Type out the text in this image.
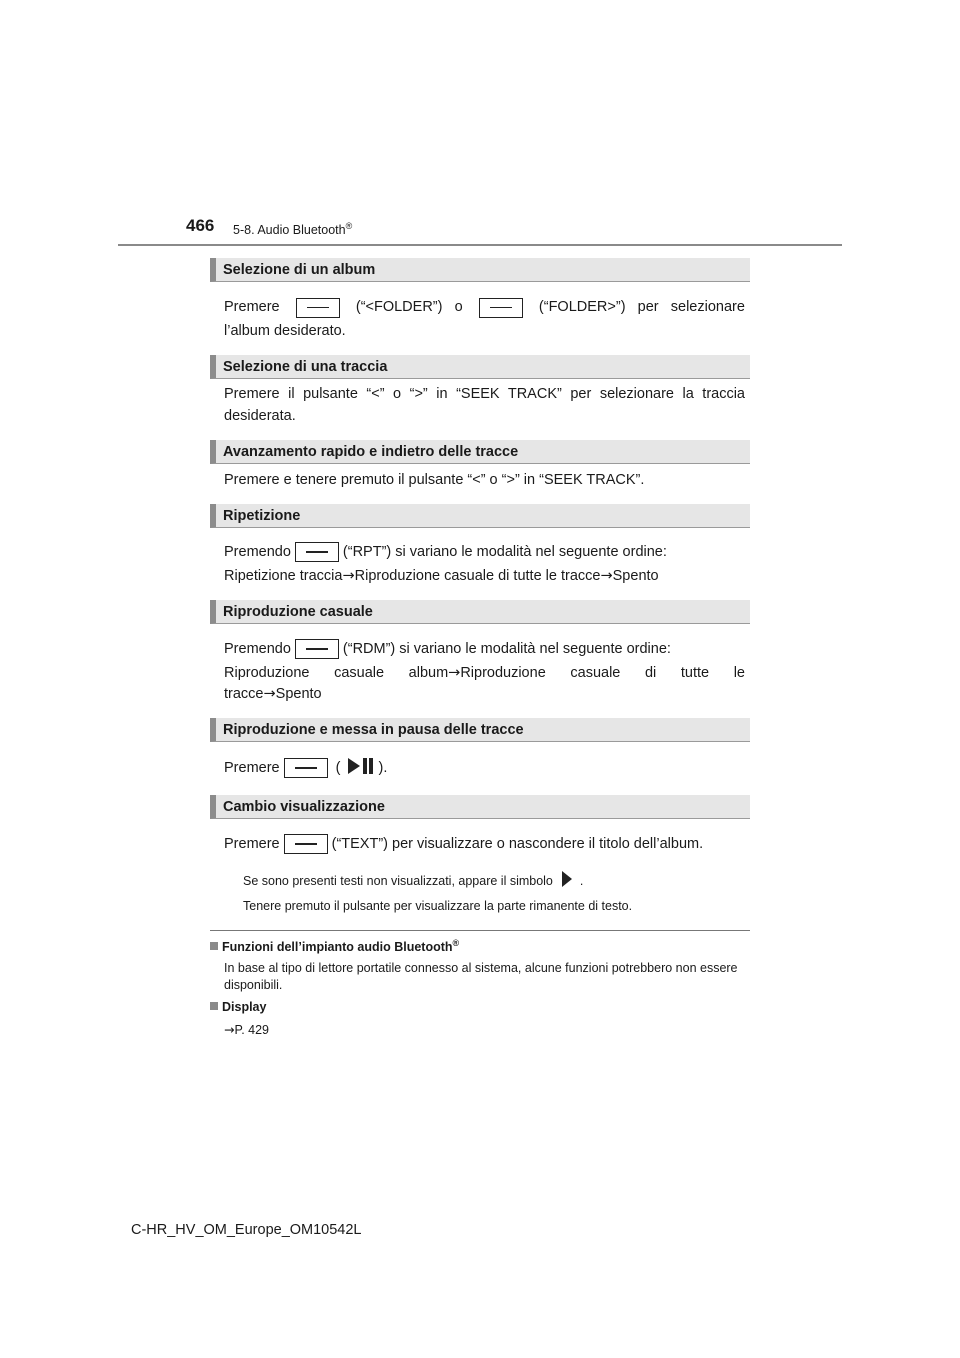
466 5-8. Audio Bluetooth®
Selezione di un album
Premere	(“<FOLDER”) o	(“FOLDER>”) per selezionare
l’album desiderato.
Selezione di una traccia
Premere il pulsante “<” o “>” in “SEEK TRACK” per selezionare la traccia
desiderata.
Avanzamento rapido e indietro delle tracce
Premere e tenere premuto il pulsante “<” o “>” in “SEEK TRACK”.
Ripetizione
Premendo	(“RPT”) si variano le modalità nel seguente ordine:
Ripetizione traccia→Riproduzione casuale di tutte le tracce→Spento
Riproduzione casuale
Premendo	(“RDM”) si variano le modalità nel seguente ordine:
Riproduzione casuale album→Riproduzione casuale di tutte le
tracce→Spento
Riproduzione e messa in pausa delle tracce
Premere	(	).
Cambio visualizzazione
Premere	(“TEXT”) per visualizzare o nascondere il titolo dell’album.
Se sono presenti testi non visualizzati, appare il simbolo .
Tenere premuto il pulsante per visualizzare la parte rimanente di testo.
Funzioni dell’impianto audio Bluetooth®
In base al tipo di lettore portatile connesso al sistema, alcune funzioni potrebbero non essere disponibili.
Display
→P. 429
C-HR_HV_OM_Europe_OM10542L
